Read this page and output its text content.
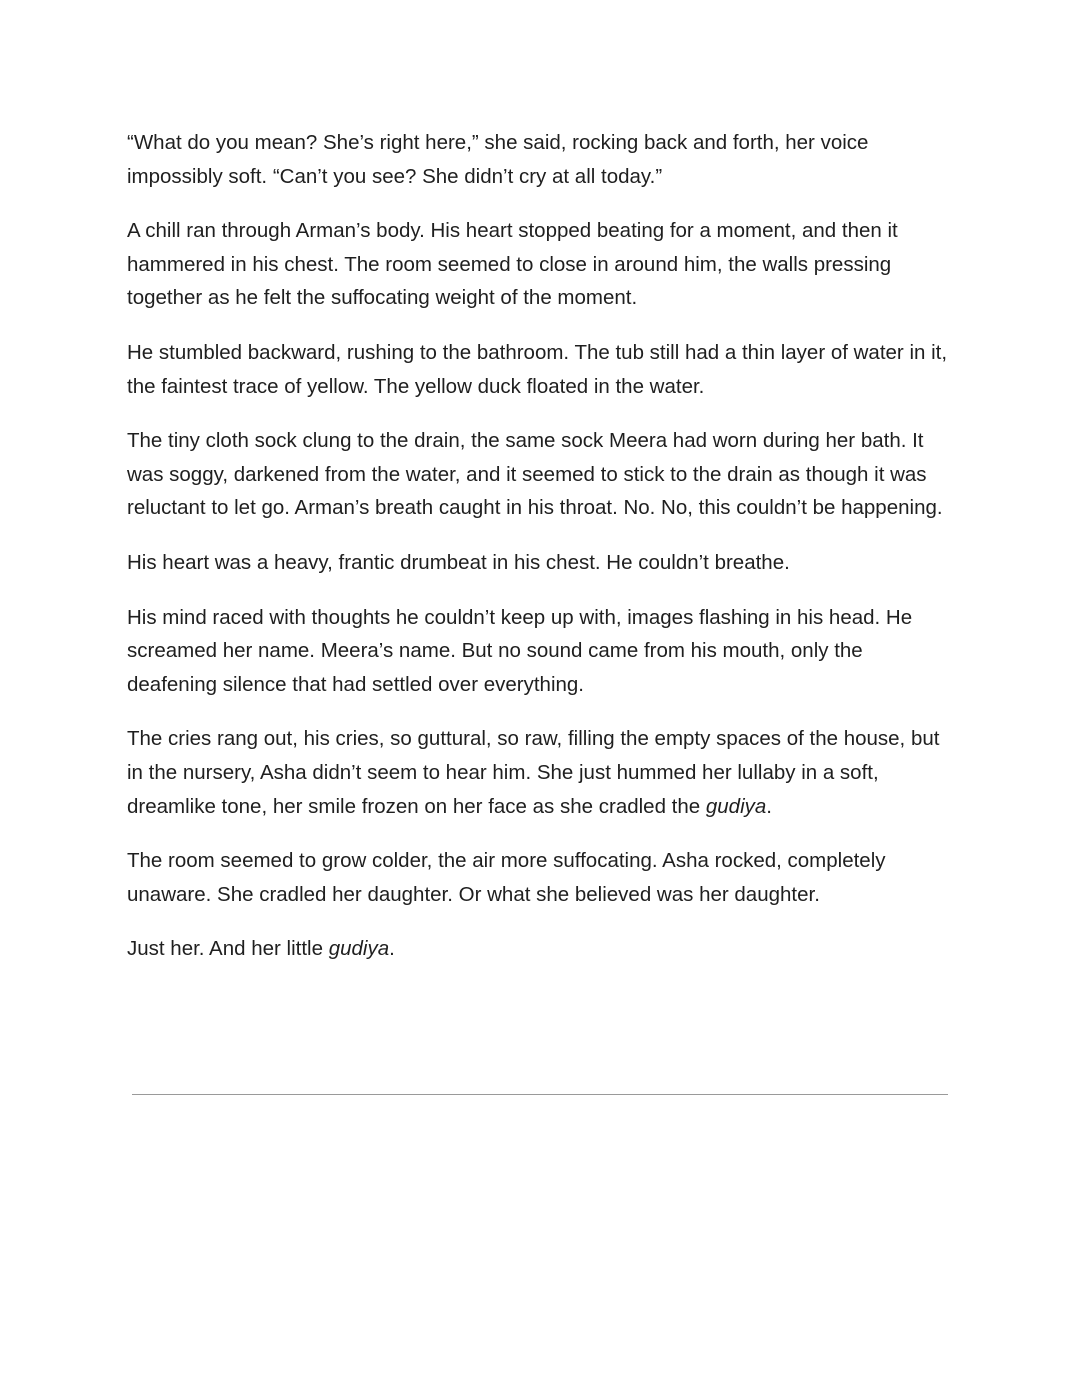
“What do you mean? She’s right here,” she said, rocking back and forth, her voice impossibly soft. “Can’t you see? She didn’t cry at all today.”

A chill ran through Arman’s body. His heart stopped beating for a moment, and then it hammered in his chest. The room seemed to close in around him, the walls pressing together as he felt the suffocating weight of the moment.

He stumbled backward, rushing to the bathroom. The tub still had a thin layer of water in it, the faintest trace of yellow. The yellow duck floated in the water.

The tiny cloth sock clung to the drain, the same sock Meera had worn during her bath. It was soggy, darkened from the water, and it seemed to stick to the drain as though it was reluctant to let go. Arman’s breath caught in his throat. No. No, this couldn’t be happening.

His heart was a heavy, frantic drumbeat in his chest. He couldn’t breathe.

His mind raced with thoughts he couldn’t keep up with, images flashing in his head. He screamed her name. Meera’s name. But no sound came from his mouth, only the deafening silence that had settled over everything.

The cries rang out, his cries, so guttural, so raw, filling the empty spaces of the house, but in the nursery, Asha didn’t seem to hear him. She just hummed her lullaby in a soft, dreamlike tone, her smile frozen on her face as she cradled the gudiya.

The room seemed to grow colder, the air more suffocating. Asha rocked, completely unaware. She cradled her daughter. Or what she believed was her daughter.

Just her. And her little gudiya.
